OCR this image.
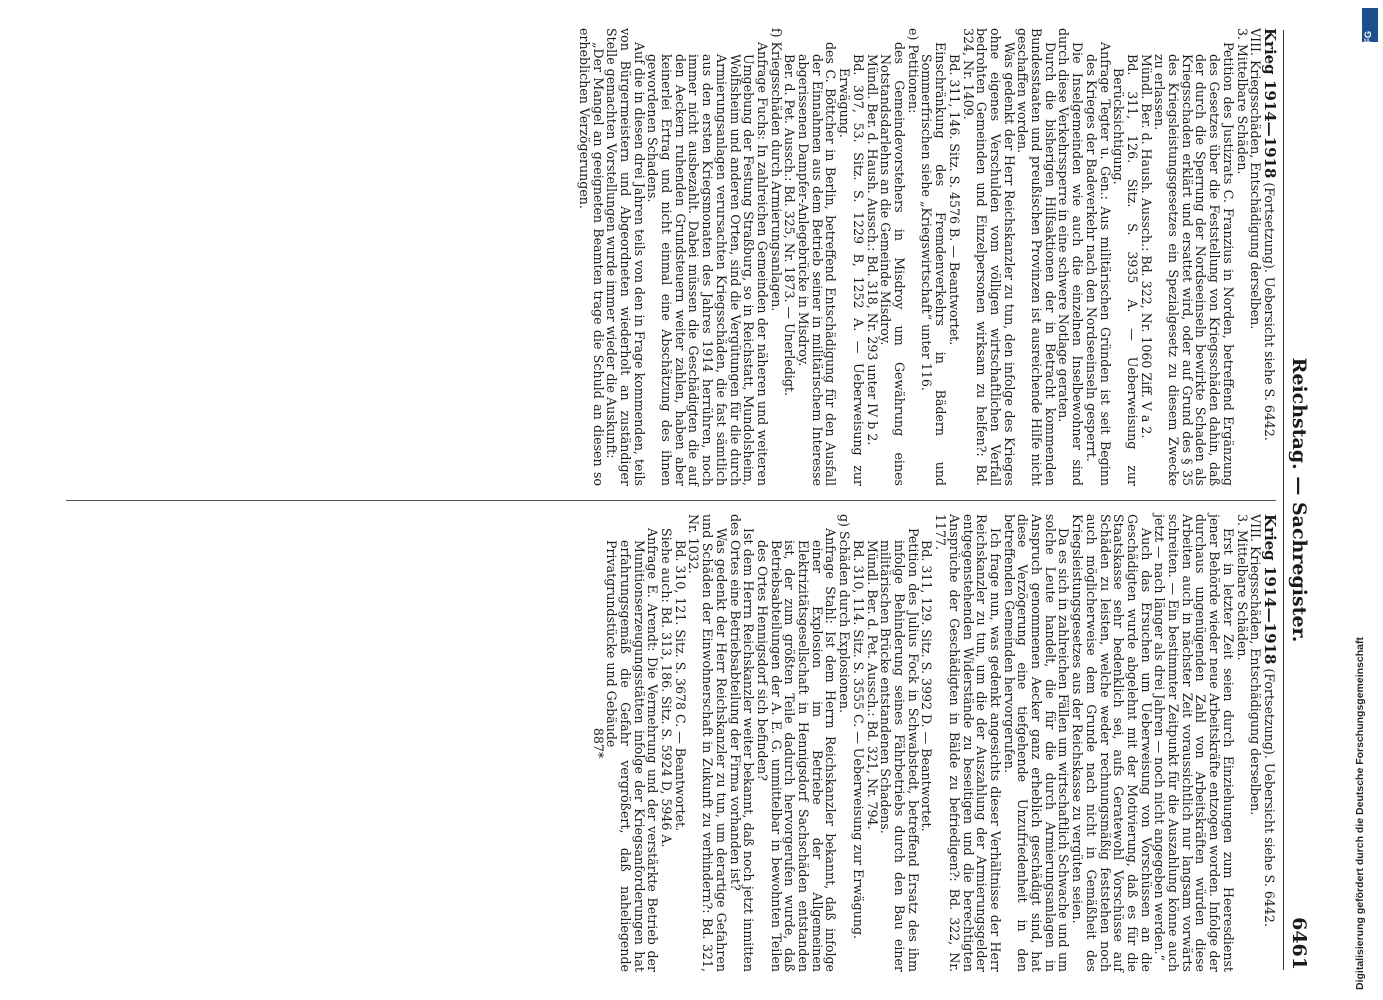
Reichstag. — Sachregister.
6461

Krieg 1914—1918 (Fortsetzung). Uebersicht siehe S. 6442.

VIII. Kriegsschäden, Entschädigung derselben.

3. Mittelbare Schäden.

Petition des Justizrats C. Franzius in Norden, betreffend Ergänzung des Gesetzes über die Feststellung von Kriegsschäden dahin, daß der durch die Sperrung der Nordseeinseln bewirkte Schaden als Kriegsschaden erklärt und ersattet wird, oder auf Grund des § 35 des Kriegsleistungsgesetzes ein Spezialgesetz zu diesem Zwecke zu erlassen.

Mündl. Ber. d. Haush. Aussch.: Bd. 322, Nr. 1060 Ziff. V a 2.

Bd. 311, 126. Sitz. S. 3935 A. — Ueberweisung zur Berücksichtigung.

Anfrage Tegter u. Gen.: Aus militärischen Gründen ist seit Beginn des Krieges der Badeverkehr nach den Nordseeinseln gesperrt.

Die Inselgemeinden wie auch die einzelnen Inselbewohner sind durch diese Verkehrssperre in eine schwere Notlage geraten.

Durch die bisherigen Hilfsaktionen der in Betracht kommenden Bundesstaaten und preußischen Provinzen ist ausreichende Hilfe nicht geschaffen worden.

Was gedenkt der Herr Reichskanzler zu tun, den infolge des Krieges ohne eigenes Verschulden vom völligen wirtschaftlichen Verfall bedrohten Gemeinden und Einzelpersonen wirksam zu helfen?: Bd. 324, Nr. 1409.

Bd. 311, 146. Sitz. S. 4576 B. — Beantwortet.

Einschränkung des Fremdenverkehrs in Bädern und Sommerfrischen siehe „Kriegswirtschaft“ unter 116.

e) Petitionen:

des Gemeindevorstehers in Misdroy um Gewährung eines Notstandsdarlehns an die Gemeinde Misdroy.

Mündl. Ber. d. Haush. Aussch.: Bd. 318, Nr. 293 unter IV b 2.

Bd. 307, 53. Sitz. S. 1229 B, 1252 A. — Ueberweisung zur Erwägung.

des C. Böttcher in Berlin, betreffend Entschädigung für den Ausfall der Einnahmen aus dem Betrieb seiner in militärischem Interesse abgerissenen Dampfer-Anlegebrücke in Misdroy.

Ber. d. Pet. Aussch.: Bd. 325, Nr. 1873. — Unerledigt.

f) Kriegsschäden durch Armierungsanlagen.

Anfrage Fuchs: In zahlreichen Gemeinden der näheren und weiteren Umgebung der Festung Straßburg, so in Reichstatt, Mundolsheim, Wolfisheim und anderen Orten, sind die Vergütungen für die durch Armierungsanlagen verursachten Kriegsschäden, die fast sämtlich aus den ersten Kriegsmonaten des Jahres 1914 herrühren, noch immer nicht ausbezahlt. Dabei müssen die Geschädigten die auf den Aeckern ruhenden Grundsteuern weiter zahlen, haben aber keinerlei Ertrag und nicht einmal eine Abschätzung des ihnen gewordenen Schadens.

Auf die in diesen drei Jahren teils von den in Frage kommenden, teils von Bürgermeistern und Abgeordneten wiederholt an zuständiger Stelle gemachten Vorstellungen wurde immer wieder die Auskunft:

„Der Mangel an geeigneten Beamten trage die Schuld an diesen so erheblichen Verzögerungen.

Krieg 1914—1918 (Fortsetzung). Uebersicht siehe S. 6442.

VIII. Kriegsschäden, Entschädigung derselben.

3. Mittelbare Schäden.

Erst in letzter Zeit seien durch Einziehungen zum Heeresdienst jener Behörde wieder neue Arbeitskräfte entzogen worden. Infolge der durchaus ungenügenden Zahl von Arbeitskräften würden diese Arbeiten auch in nächster Zeit voraussichtlich nur langsam vorwärts schreiten. — Ein bestimmter Zeitpunkt für die Auszahlung könne auch jetzt — nach länger als drei Jahren — noch nicht angegeben werden.“

Auch das Ersuchen um Ueberweisung von Vorschüssen an die Geschädigten wurde abgelehnt mit der Motivierung, daß es für die Staatskasse sehr bedenklich sei, aufs Geratewohl Vorschüsse auf Schäden zu leisten, welche weder rechnungsmäßig feststehen noch auch möglicherweise dem Grunde nach nicht in Gemäßheit des Kriegsleistungsgesetzes aus der Reichskasse zu vergüten seien.

Da es sich in zahlreichen Fällen um wirtschaftlich Schwache und um solche Leute handelt, die für die durch Armierungsanlagen in Anspruch genommenen Aecker ganz erheblich geschädigt sind, hat diese Verzögerung eine tiefgehende Unzufriedenheit in den betreffenden Gemeinden hervorgerufen.

Ich frage nun, was gedenkt angesichts dieser Verhältnisse der Herr Reichskanzler zu tun, um die der Auszahlung der Armierungsgelder entgegenstehenden Widerstände zu beseitigen und die berechtigten Ansprüche der Geschädigten in Bälde zu befriedigen?: Bd. 322, Nr. 1177.

Bd. 311, 129. Sitz. S. 3992 D. — Beantwortet.

Petition des Julius Fock in Schwabstedt, betreffend Ersatz des ihm infolge Behinderung seines Fährbetriebs durch den Bau einer militärischen Brücke entstandenen Schadens.

Mündl. Ber. d. Pet. Aussch.: Bd. 321, Nr. 794.

Bd. 310, 114. Sitz. S. 3555 C. — Ueberweisung zur Erwägung.

g) Schäden durch Explosionen.

Anfrage Stahl: Ist dem Herrn Reichskanzler bekannt, daß infolge einer Explosion im Betriebe der Allgemeinen Elektrizitätsgesellschaft in Hennigsdorf Sachschäden entstanden ist, der zum größten Teile dadurch hervorgerufen wurde, daß Betriebsabteilungen der A. E. G. unmittelbar in bewohnten Teilen des Ortes Hennigsdorf sich befinden?

Ist dem Herrn Reichskanzler weiter bekannt, daß noch jetzt inmitten des Ortes eine Betriebsabteilung der Firma vorhanden ist?

Was gedenkt der Herr Reichskanzler zu tun, um derartige Gefahren und Schäden der Einwohnerschaft in Zukunft zu verhindern?: Bd. 321, Nr. 1032.

Bd. 310, 121. Sitz. S. 3678 C. — Beantwortet.

Siehe auch: Bd. 313, 186. Sitz. S. 5924 D, 5946 A.

Anfrage E. Arendt: Die Vermehrung und der verstärkte Betrieb der Munitionserzeugungsstätten infolge der Kriegsanforderungen hat erfahrungsgemäß die Gefahr vergrößert, daß naheliegende Privatgrundstücke und Gebäude

887*	Digitalisierung gefördert durch die Deutsche Forschungsgemeinschaft
DFG
